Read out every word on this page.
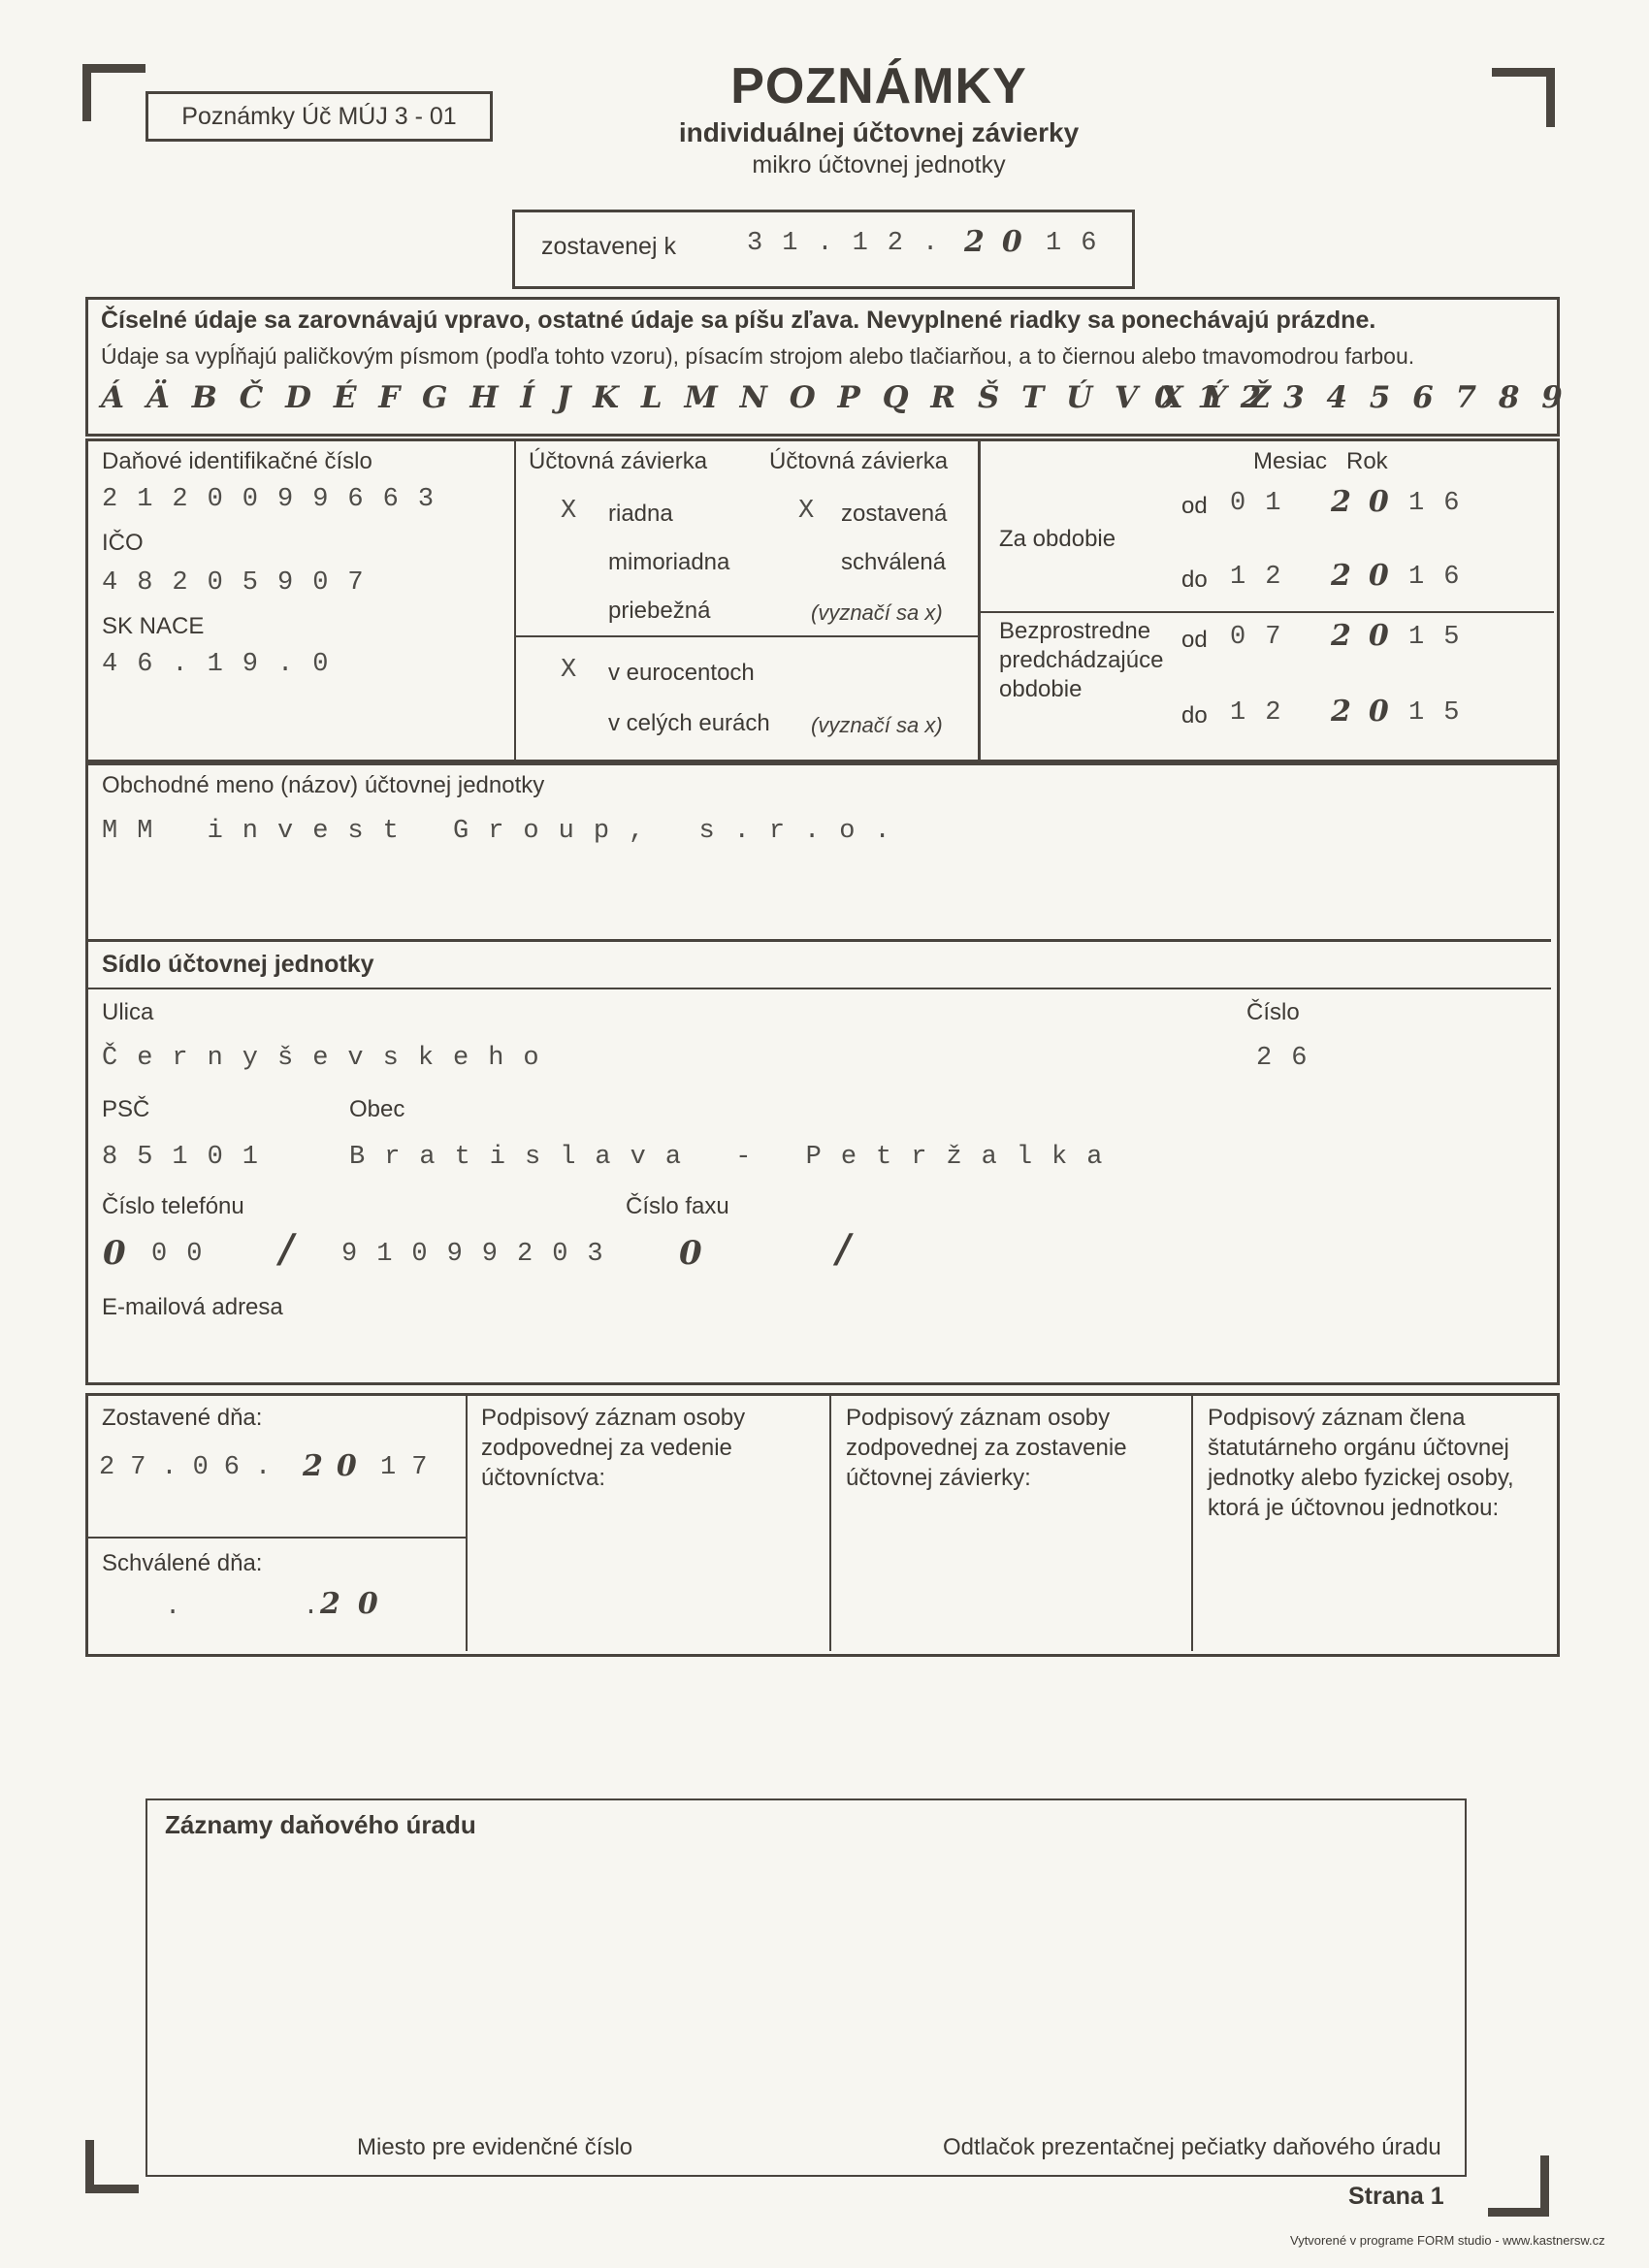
Poznámky Úč MÚJ 3 - 01
POZNÁMKY
individuálnej účtovnej závierky
mikro účtovnej jednotky
zostavenej k	31.12. 20 16
Číselné údaje sa zarovnávajú vpravo, ostatné údaje sa píšu zľava. Nevyplnené riadky sa ponechávajú prázdne.
Údaje sa vypĺňajú paličkovým písmom (podľa tohto vzoru), písacím strojom alebo tlačiarňou, a to čiernou alebo tmavomodrou farbou.
Á Ä B Č D É F G H Í J K L M N O P Q R Š T Ú V X Ý Ž
0 1 2 3 4 5 6 7 8 9
Daňové identifikačné číslo
2120099663
IČO
48205907
SK NACE
46.19.0
Účtovná závierka	Účtovná závierka
X riadna	X zostavená
mimoriadna	schválená
priebežná	(vyznačí sa x)
X v eurocentoch
v celých eurách (vyznačí sa x)
Mesiac Rok
Za obdobie
od 01 20 16
do 12 20 16
Bezprostredne predchádzajúce obdobie
od 07 20 15
do 12 20 15
Obchodné meno (názov) účtovnej jednotky
MM invest Group, s.r.o.
Sídlo účtovnej jednotky
Ulica	Číslo
Černyševskeho	26
PSČ	Obec
85101	Bratislava - Petržalka
Číslo telefónu	Číslo faxu
0 00 / 91099203 0	/
E-mailová adresa
Zostavené dňa:
27.06. 20 17
Schválené dňa:
. .
20
Podpisový záznam osoby zodpovednej za vedenie účtovníctva:
Podpisový záznam osoby zodpovednej za zostavenie účtovnej závierky:
Podpisový záznam člena štatutárneho orgánu účtovnej jednotky alebo fyzickej osoby, ktorá je účtovnou jednotkou:
Záznamy daňového úradu
Miesto pre evidenčné číslo	Odtlačok prezentačnej pečiatky daňového úradu
Strana 1
Vytvorené v programe FORM studio - www.kastnersw.cz
